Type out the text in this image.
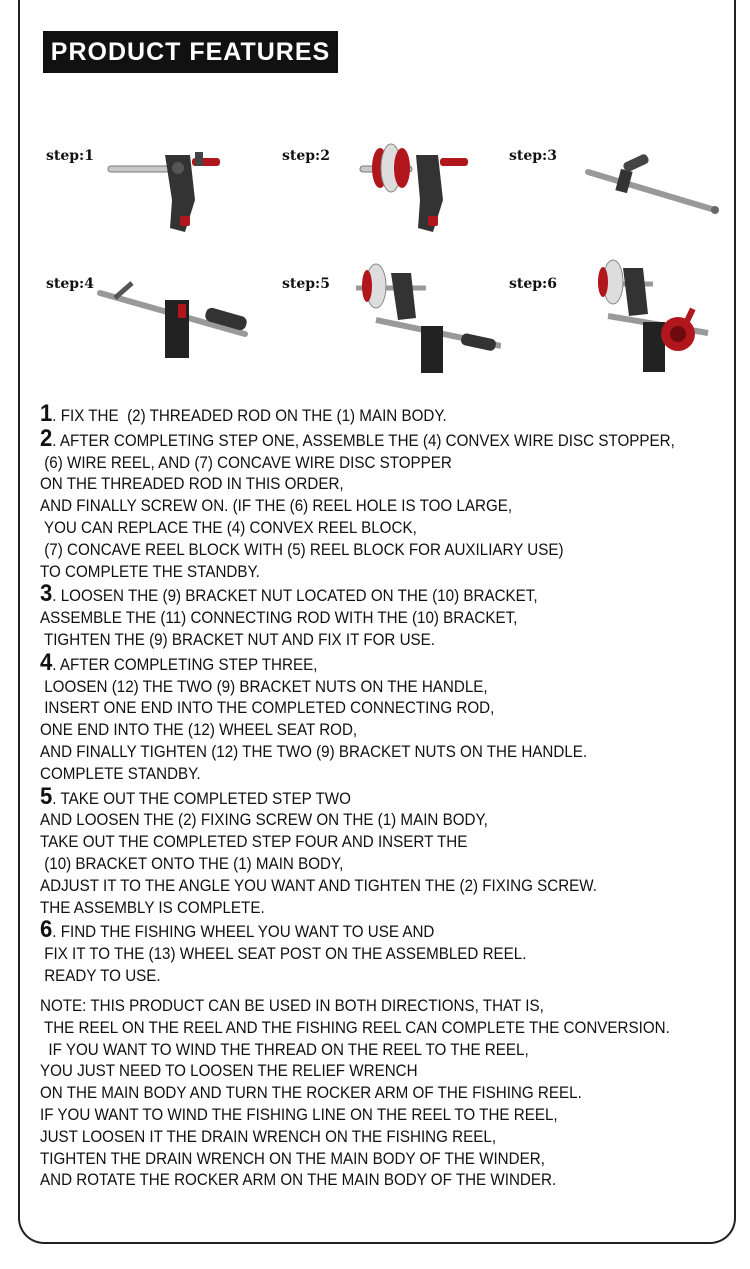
PRODUCT FEATURES
step:1	step:2	step:3
step:4	step:5	step:6
1. FIX THE  (2) THREADED ROD ON THE (1) MAIN BODY.
2. AFTER COMPLETING STEP ONE, ASSEMBLE THE (4) CONVEX WIRE DISC STOPPER,
(6) WIRE REEL, AND (7) CONCAVE WIRE DISC STOPPER
ON THE THREADED ROD IN THIS ORDER,
AND FINALLY SCREW ON. (IF THE (6) REEL HOLE IS TOO LARGE,
YOU CAN REPLACE THE (4) CONVEX REEL BLOCK,
(7) CONCAVE REEL BLOCK WITH (5) REEL BLOCK FOR AUXILIARY USE)
TO COMPLETE THE STANDBY.
3. LOOSEN THE (9) BRACKET NUT LOCATED ON THE (10) BRACKET,
ASSEMBLE THE (11) CONNECTING ROD WITH THE (10) BRACKET,
TIGHTEN THE (9) BRACKET NUT AND FIX IT FOR USE.
4. AFTER COMPLETING STEP THREE,
LOOSEN (12) THE TWO (9) BRACKET NUTS ON THE HANDLE,
INSERT ONE END INTO THE COMPLETED CONNECTING ROD,
ONE END INTO THE (12) WHEEL SEAT ROD,
AND FINALLY TIGHTEN (12) THE TWO (9) BRACKET NUTS ON THE HANDLE.
COMPLETE STANDBY.
5. TAKE OUT THE COMPLETED STEP TWO
AND LOOSEN THE (2) FIXING SCREW ON THE (1) MAIN BODY,
TAKE OUT THE COMPLETED STEP FOUR AND INSERT THE
(10) BRACKET ONTO THE (1) MAIN BODY,
ADJUST IT TO THE ANGLE YOU WANT AND TIGHTEN THE (2) FIXING SCREW.
THE ASSEMBLY IS COMPLETE.
6. FIND THE FISHING WHEEL YOU WANT TO USE AND
FIX IT TO THE (13) WHEEL SEAT POST ON THE ASSEMBLED REEL.
READY TO USE.
NOTE: THIS PRODUCT CAN BE USED IN BOTH DIRECTIONS, THAT IS,
THE REEL ON THE REEL AND THE FISHING REEL CAN COMPLETE THE CONVERSION.
IF YOU WANT TO WIND THE THREAD ON THE REEL TO THE REEL,
YOU JUST NEED TO LOOSEN THE RELIEF WRENCH
ON THE MAIN BODY AND TURN THE ROCKER ARM OF THE FISHING REEL.
IF YOU WANT TO WIND THE FISHING LINE ON THE REEL TO THE REEL,
JUST LOOSEN IT THE DRAIN WRENCH ON THE FISHING REEL,
TIGHTEN THE DRAIN WRENCH ON THE MAIN BODY OF THE WINDER,
AND ROTATE THE ROCKER ARM ON THE MAIN BODY OF THE WINDER.
